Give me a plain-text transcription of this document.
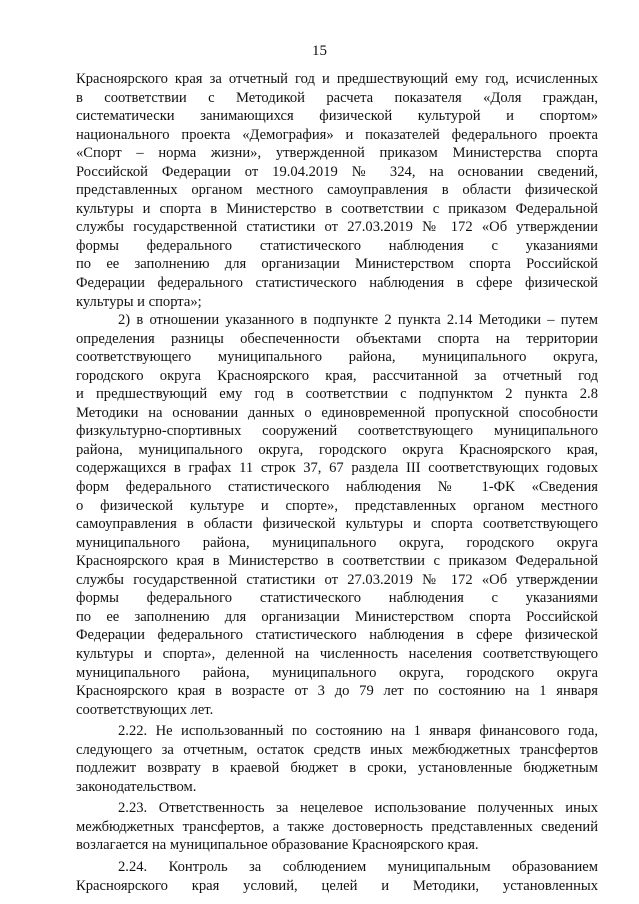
15

Красноярского края за отчетный год и предшествующий ему год, исчисленных

в соответствии с Методикой расчета показателя «Доля граждан,

систематически занимающихся физической культурой и спортом»

национального проекта «Демография» и показателей федерального проекта

«Спорт – норма жизни», утвержденной приказом Министерства спорта

Российской Федерации от 19.04.2019 № 324, на основании сведений,

представленных органом местного самоуправления в области физической

культуры и спорта в Министерство в соответствии с приказом Федеральной

службы государственной статистики от 27.03.2019 № 172 «Об утверждении

формы федерального статистического наблюдения с указаниями

по ее заполнению для организации Министерством спорта Российской

Федерации федерального статистического наблюдения в сфере физической

культуры и спорта»;

2) в отношении указанного в подпункте 2 пункта 2.14 Методики – путем

определения разницы обеспеченности объектами спорта на территории

соответствующего муниципального района, муниципального округа,

городского округа Красноярского края, рассчитанной за отчетный год

и предшествующий ему год в соответствии с подпунктом 2 пункта 2.8

Методики на основании данных о единовременной пропускной способности

физкультурно-спортивных сооружений соответствующего муниципального

района, муниципального округа, городского округа Красноярского края,

содержащихся в графах 11 строк 37, 67 раздела III соответствующих годовых

форм федерального статистического наблюдения № 1-ФК «Сведения

о физической культуре и спорте», представленных органом местного

самоуправления в области физической культуры и спорта соответствующего

муниципального района, муниципального округа, городского округа

Красноярского края в Министерство в соответствии с приказом Федеральной

службы государственной статистики от 27.03.2019 № 172 «Об утверждении

формы федерального статистического наблюдения с указаниями

по ее заполнению для организации Министерством спорта Российской

Федерации федерального статистического наблюдения в сфере физической

культуры и спорта», деленной на численность населения соответствующего

муниципального района, муниципального округа, городского округа

Красноярского края в возрасте от 3 до 79 лет по состоянию на 1 января

соответствующих лет.

2.22. Не использованный по состоянию на 1 января финансового года,

следующего за отчетным, остаток средств иных межбюджетных трансфертов

подлежит возврату в краевой бюджет в сроки, установленные бюджетным

законодательством.

2.23. Ответственность за нецелевое использование полученных иных

межбюджетных трансфертов, а также достоверность представленных сведений

возлагается на муниципальное образование Красноярского края.

2.24. Контроль за соблюдением муниципальным образованием

Красноярского края условий, целей и Методики, установленных
